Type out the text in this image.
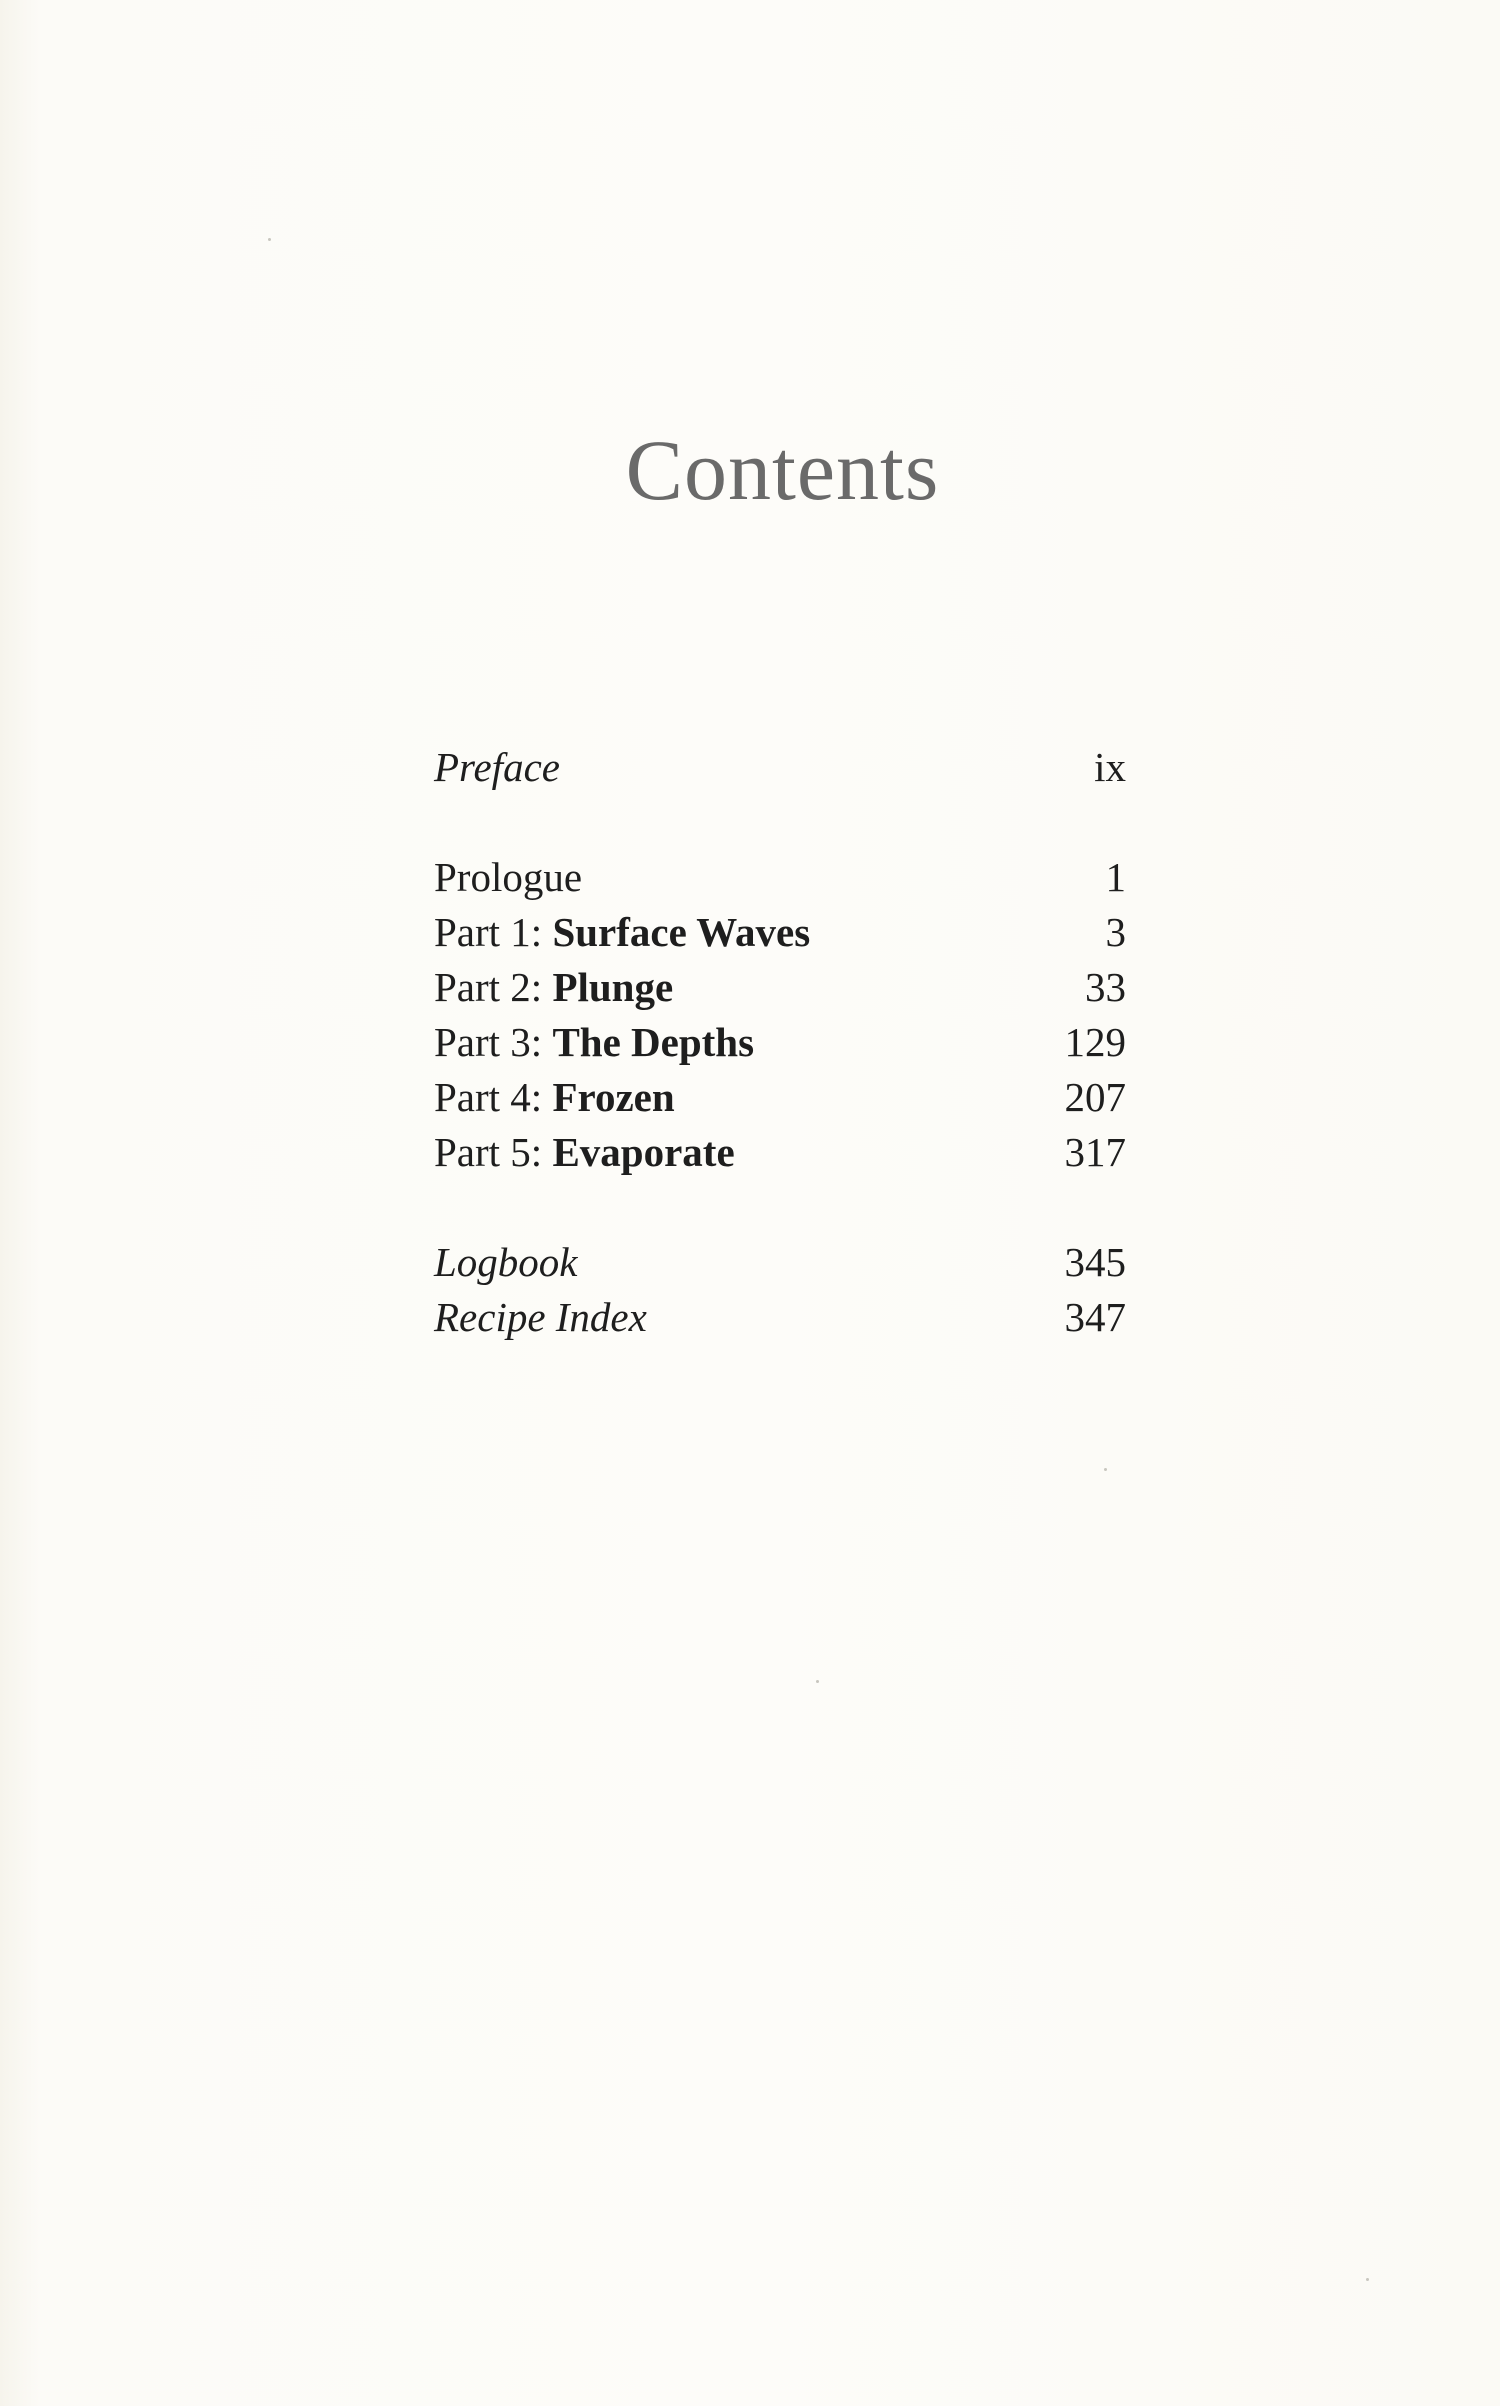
Contents
Preface	ix
Prologue	1
Part 1: Surface Waves	3
Part 2: Plunge	33
Part 3: The Depths	129
Part 4: Frozen	207
Part 5: Evaporate	317
Logbook	345
Recipe Index	347
